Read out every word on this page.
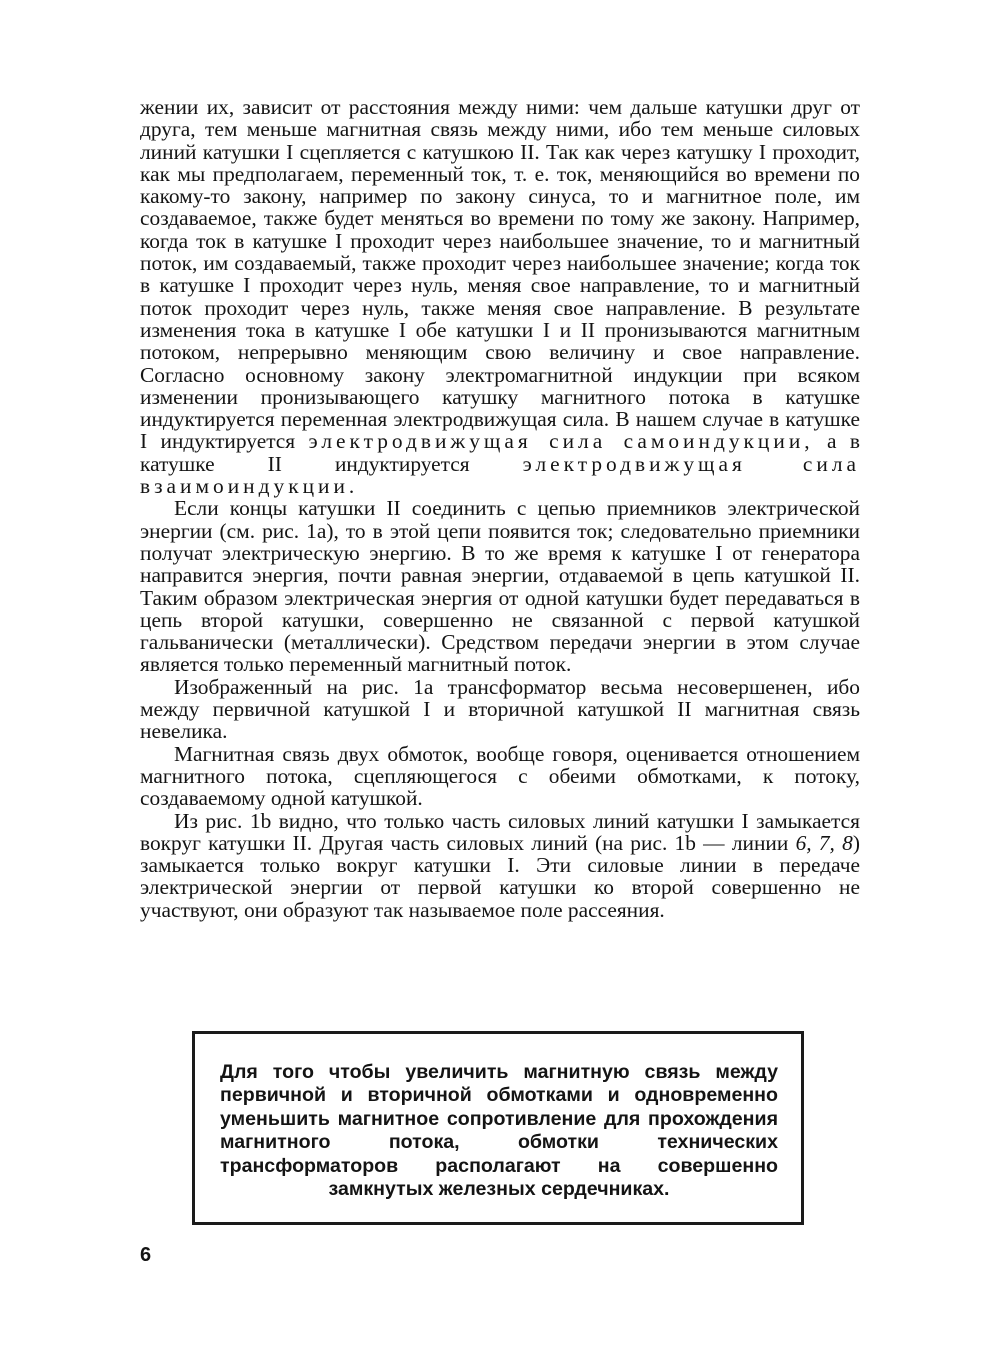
жении их, зависит от расстояния между ними: чем дальше катушки друг от друга, тем меньше магнитная связь между ними, ибо тем меньше силовых линий катушки I сцепляется с катушкою II. Так как через катушку I проходит, как мы предполагаем, переменный ток, т. е. ток, меняющийся во времени по какому-то закону, например по закону синуса, то и магнитное поле, им создаваемое, также будет меняться во времени по тому же закону. Например, когда ток в катушке I проходит через наибольшее значение, то и магнитный поток, им создаваемый, также проходит через наибольшее значение; когда ток в катушке I проходит через нуль, меняя свое направление, то и магнитный поток проходит через нуль, также меняя свое направление. В результате изменения тока в катушке I обе катушки I и II пронизываются магнитным потоком, непрерывно меняющим свою величину и свое направление. Согласно основному закону электромагнитной индукции при всяком изменении пронизывающего катушку магнитного потока в катушке индуктируется переменная электродвижущая сила. В нашем случае в катушке I индуктируется электродвижущая сила самоиндукции, а в катушке II индуктируется электродвижущая сила взаимоиндукции.

Если концы катушки II соединить с цепью приемников электрической энергии (см. рис. 1a), то в этой цепи появится ток; следовательно приемники получат электрическую энергию. В то же время к катушке I от генератора направится энергия, почти равная энергии, отдаваемой в цепь катушкой II. Таким образом электрическая энергия от одной катушки будет передаваться в цепь второй катушки, совершенно не связанной с первой катушкой гальванически (металлически). Средством передачи энергии в этом случае является только переменный магнитный поток.

Изображенный на рис. 1a трансформатор весьма несовершенен, ибо между первичной катушкой I и вторичной катушкой II магнитная связь невелика.

Магнитная связь двух обмоток, вообще говоря, оценивается отношением магнитного потока, сцепляющегося с обеими обмотками, к потоку, создаваемому одной катушкой.

Из рис. 1b видно, что только часть силовых линий катушки I замыкается вокруг катушки II. Другая часть силовых линий (на рис. 1b — линии 6, 7, 8) замыкается только вокруг катушки I. Эти силовые линии в передаче электрической энергии от первой катушки ко второй совершенно не участвуют, они образуют так называемое поле рассеяния.

Для того чтобы увеличить магнитную связь между первичной и вторичной обмотками и одновременно уменьшить магнитное сопротивление для прохождения магнитного потока, обмотки технических трансформаторов располагают на совершенно замкнутых железных сердечниках.

6
